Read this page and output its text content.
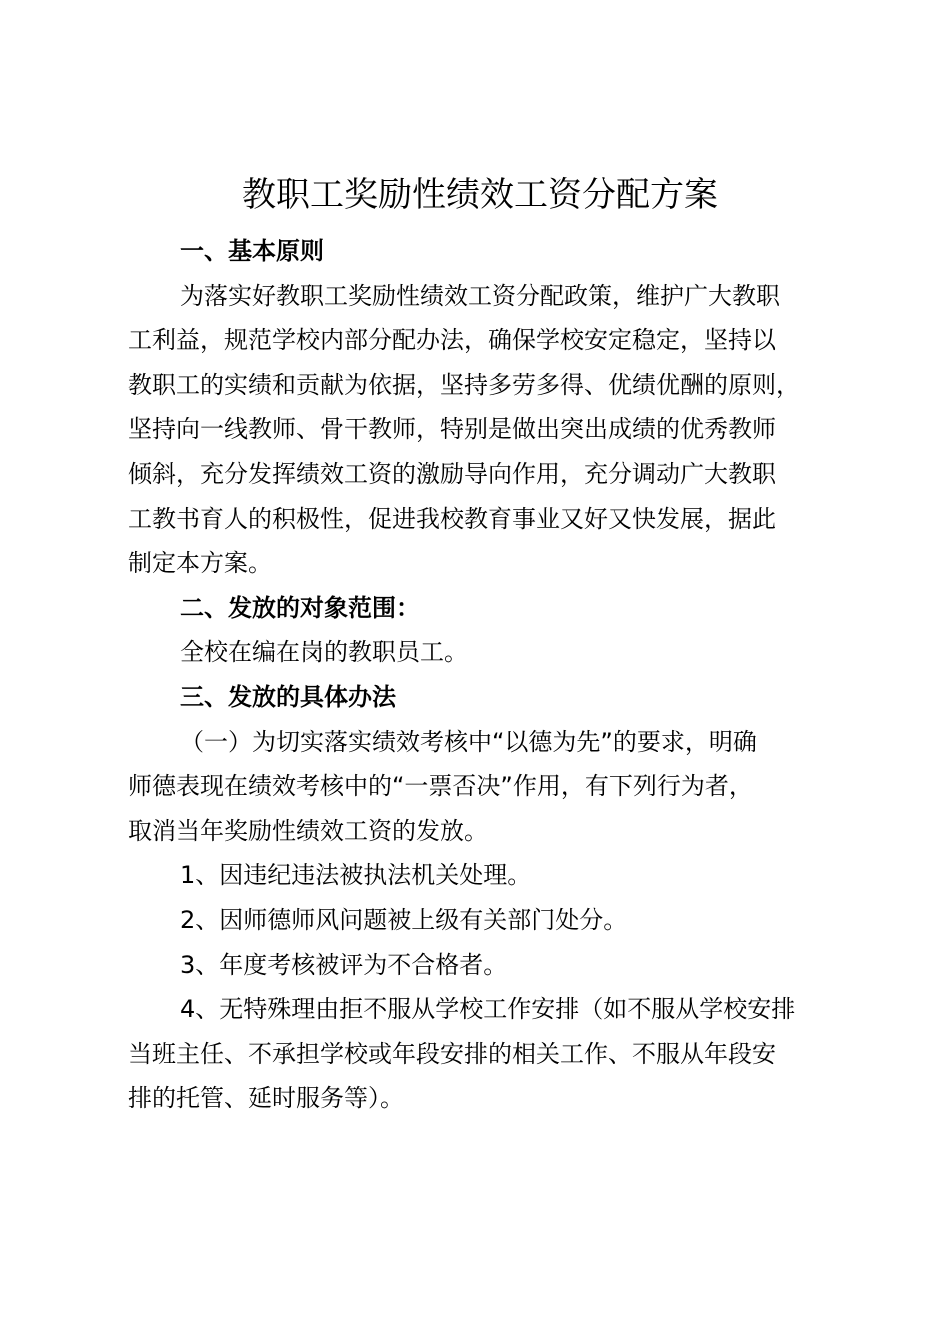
教职工奖励性绩效工资分配方案

一、基本原则

为落实好教职工奖励性绩效工资分配政策，维护广大教职
工利益，规范学校内部分配办法，确保学校安定稳定，坚持以
教职工的实绩和贡献为依据，坚持多劳多得、优绩优酬的原则，
坚持向一线教师、骨干教师，特别是做出突出成绩的优秀教师
倾斜，充分发挥绩效工资的激励导向作用，充分调动广大教职
工教书育人的积极性，促进我校教育事业又好又快发展，据此
制定本方案。

二、发放的对象范围：

全校在编在岗的教职员工。

三、发放的具体办法

（一）为切实落实绩效考核中“以德为先”的要求，明确
师德表现在绩效考核中的“一票否决”作用，有下列行为者，
取消当年奖励性绩效工资的发放。

1、因违纪违法被执法机关处理。

2、因师德师风问题被上级有关部门处分。

3、年度考核被评为不合格者。

4、无特殊理由拒不服从学校工作安排（如不服从学校安排
当班主任、不承担学校或年段安排的相关工作、不服从年段安
排的托管、延时服务等）。
